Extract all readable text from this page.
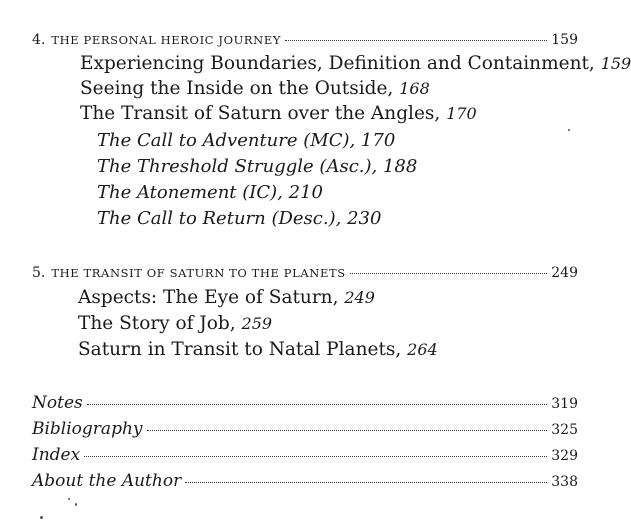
4. THE PERSONAL HEROIC JOURNEY	159
Experiencing Boundaries, Definition and Containment, 159
Seeing the Inside on the Outside, 168
The Transit of Saturn over the Angles, 170
The Call to Adventure (MC), 170
The Threshold Struggle (Asc.), 188
The Atonement (IC), 210
The Call to Return (Desc.), 230
5. THE TRANSIT OF SATURN TO THE PLANETS	249
Aspects: The Eye of Saturn, 249
The Story of Job, 259
Saturn in Transit to Natal Planets, 264
Notes	319
Bibliography	325
Index	329
About the Author	338
